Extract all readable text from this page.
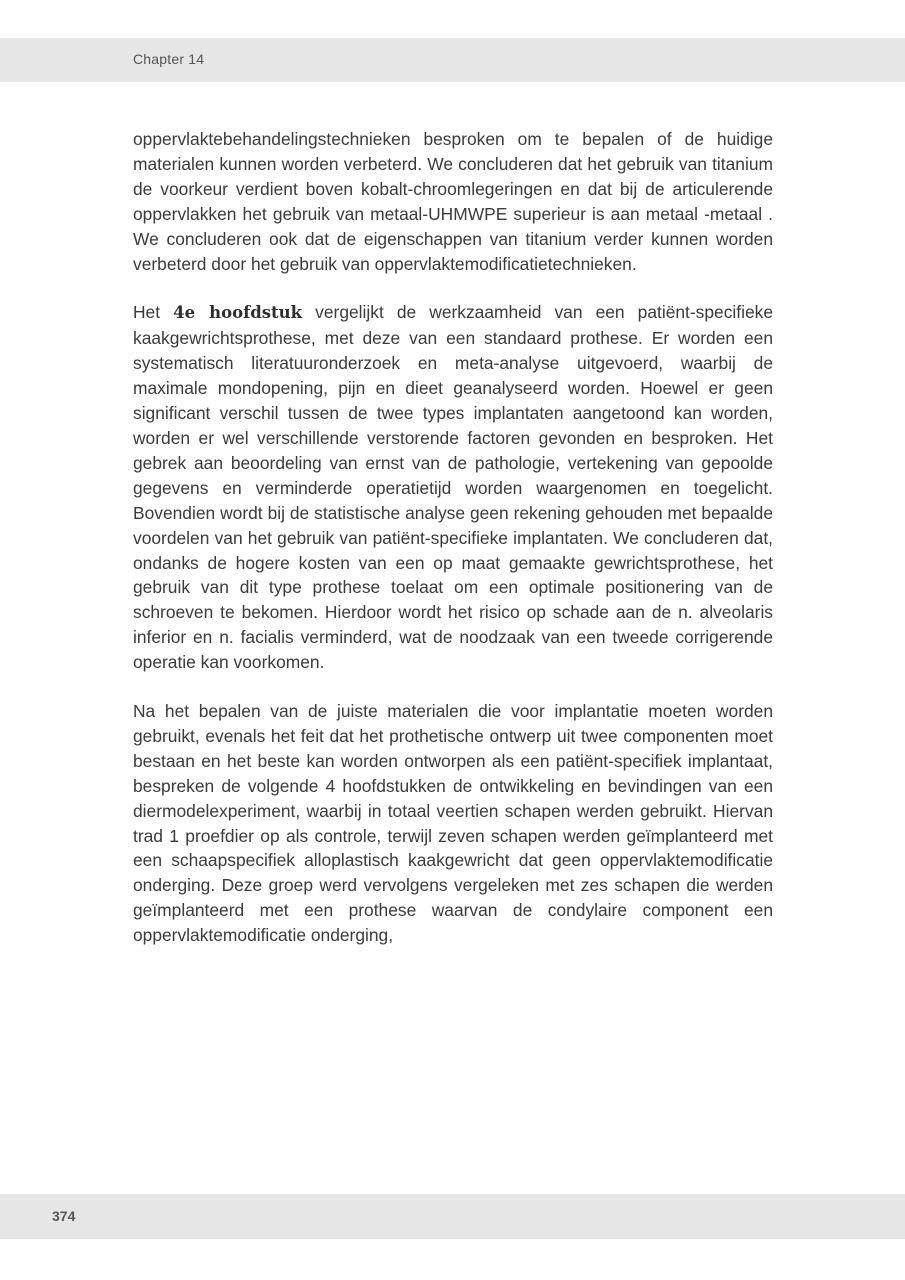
Chapter 14

oppervlaktebehandelingstechnieken besproken om te bepalen of de huidige materialen kunnen worden verbeterd. We concluderen dat het gebruik van titanium de voorkeur verdient boven kobalt-chroomlegeringen en dat bij de articulerende oppervlakken het gebruik van metaal-UHMWPE superieur is aan metaal -metaal . We concluderen ook dat de eigenschappen van titanium verder kunnen worden verbeterd door het gebruik van oppervlaktemodificatietechnieken.

Het 4e hoofdstuk vergelijkt de werkzaamheid van een patiënt-specifieke kaakgewrichtsprothese, met deze van een standaard prothese. Er worden een systematisch literatuuronderzoek en meta-analyse uitgevoerd, waarbij de maximale mondopening, pijn en dieet geanalyseerd worden. Hoewel er geen significant verschil tussen de twee types implantaten aangetoond kan worden, worden er wel verschillende verstorende factoren gevonden en besproken. Het gebrek aan beoordeling van ernst van de pathologie, vertekening van gepoolde gegevens en verminderde operatietijd worden waargenomen en toegelicht. Bovendien wordt bij de statistische analyse geen rekening gehouden met bepaalde voordelen van het gebruik van patiënt-specifieke implantaten. We concluderen dat, ondanks de hogere kosten van een op maat gemaakte gewrichtsprothese, het gebruik van dit type prothese toelaat om een optimale positionering van de schroeven te bekomen. Hierdoor wordt het risico op schade aan de n. alveolaris inferior en n. facialis verminderd, wat de noodzaak van een tweede corrigerende operatie kan voorkomen.

Na het bepalen van de juiste materialen die voor implantatie moeten worden gebruikt, evenals het feit dat het prothetische ontwerp uit twee componenten moet bestaan en het beste kan worden ontworpen als een patiënt-specifiek implantaat, bespreken de volgende 4 hoofdstukken de ontwikkeling en bevindingen van een diermodelexperiment, waarbij in totaal veertien schapen werden gebruikt. Hiervan trad 1 proefdier op als controle, terwijl zeven schapen werden geïmplanteerd met een schaapspecifiek alloplastisch kaakgewricht dat geen oppervlaktemodificatie onderging. Deze groep werd vervolgens vergeleken met zes schapen die werden geïmplanteerd met een prothese waarvan de condylaire component een oppervlaktemodificatie onderging,

374
